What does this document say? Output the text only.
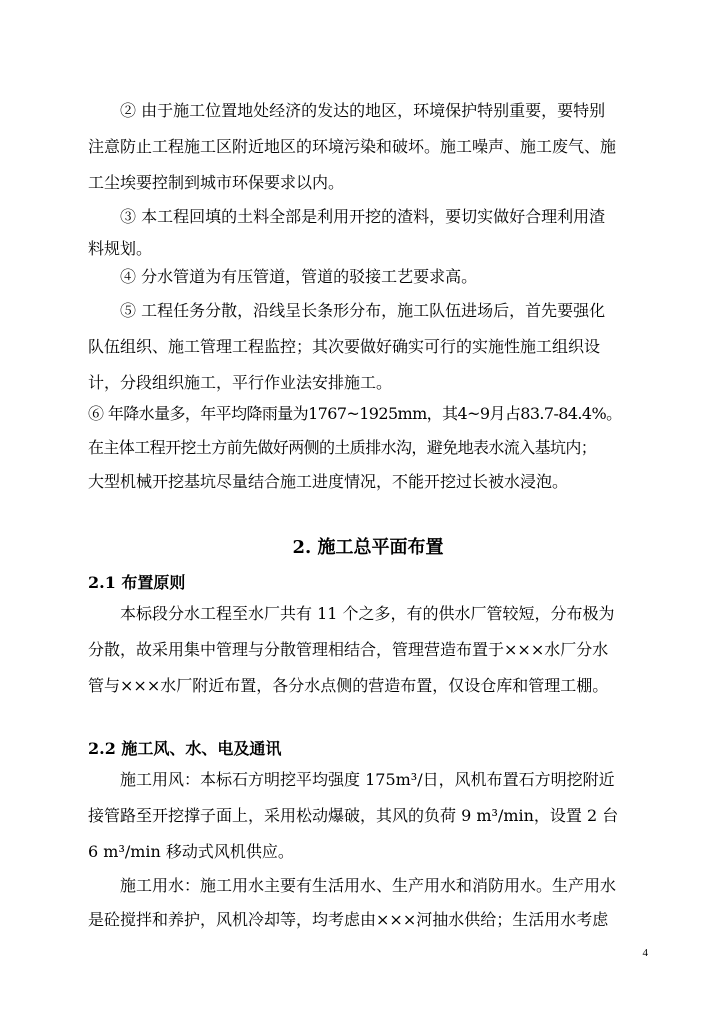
② 由于施工位置地处经济的发达的地区，环境保护特别重要，要特别
注意防止工程施工区附近地区的环境污染和破坏。施工噪声、施工废气、施
工尘埃要控制到城市环保要求以内。
③ 本工程回填的土料全部是利用开挖的渣料，要切实做好合理利用渣
料规划。
④ 分水管道为有压管道，管道的驳接工艺要求高。
⑤ 工程任务分散，沿线呈长条形分布，施工队伍进场后，首先要强化
队伍组织、施工管理工程监控；其次要做好确实可行的实施性施工组织设
计，分段组织施工，平行作业法安排施工。
⑥ 年降水量多，年平均降雨量为1767~1925mm，其4~9月占83.7-84.4%。
在主体工程开挖土方前先做好两侧的土质排水沟，避免地表水流入基坑内；
大型机械开挖基坑尽量结合施工进度情况，不能开挖过长被水浸泡。
2. 施工总平面布置
2.1 布置原则
本标段分水工程至水厂共有 11 个之多，有的供水厂管较短，分布极为
分散，故采用集中管理与分散管理相结合，管理营造布置于×××水厂分水
管与×××水厂附近布置，各分水点侧的营造布置，仅设仓库和管理工棚。
2.2 施工风、水、电及通讯
施工用风：本标石方明挖平均强度 175m³/日，风机布置石方明挖附近
接管路至开挖撑子面上，采用松动爆破，其风的负荷 9 m³/min，设置 2 台
6 m³/min 移动式风机供应。
施工用水：施工用水主要有生活用水、生产用水和消防用水。生产用水
是砼搅拌和养护，风机冷却等，均考虑由×××河抽水供给；生活用水考虑
4
